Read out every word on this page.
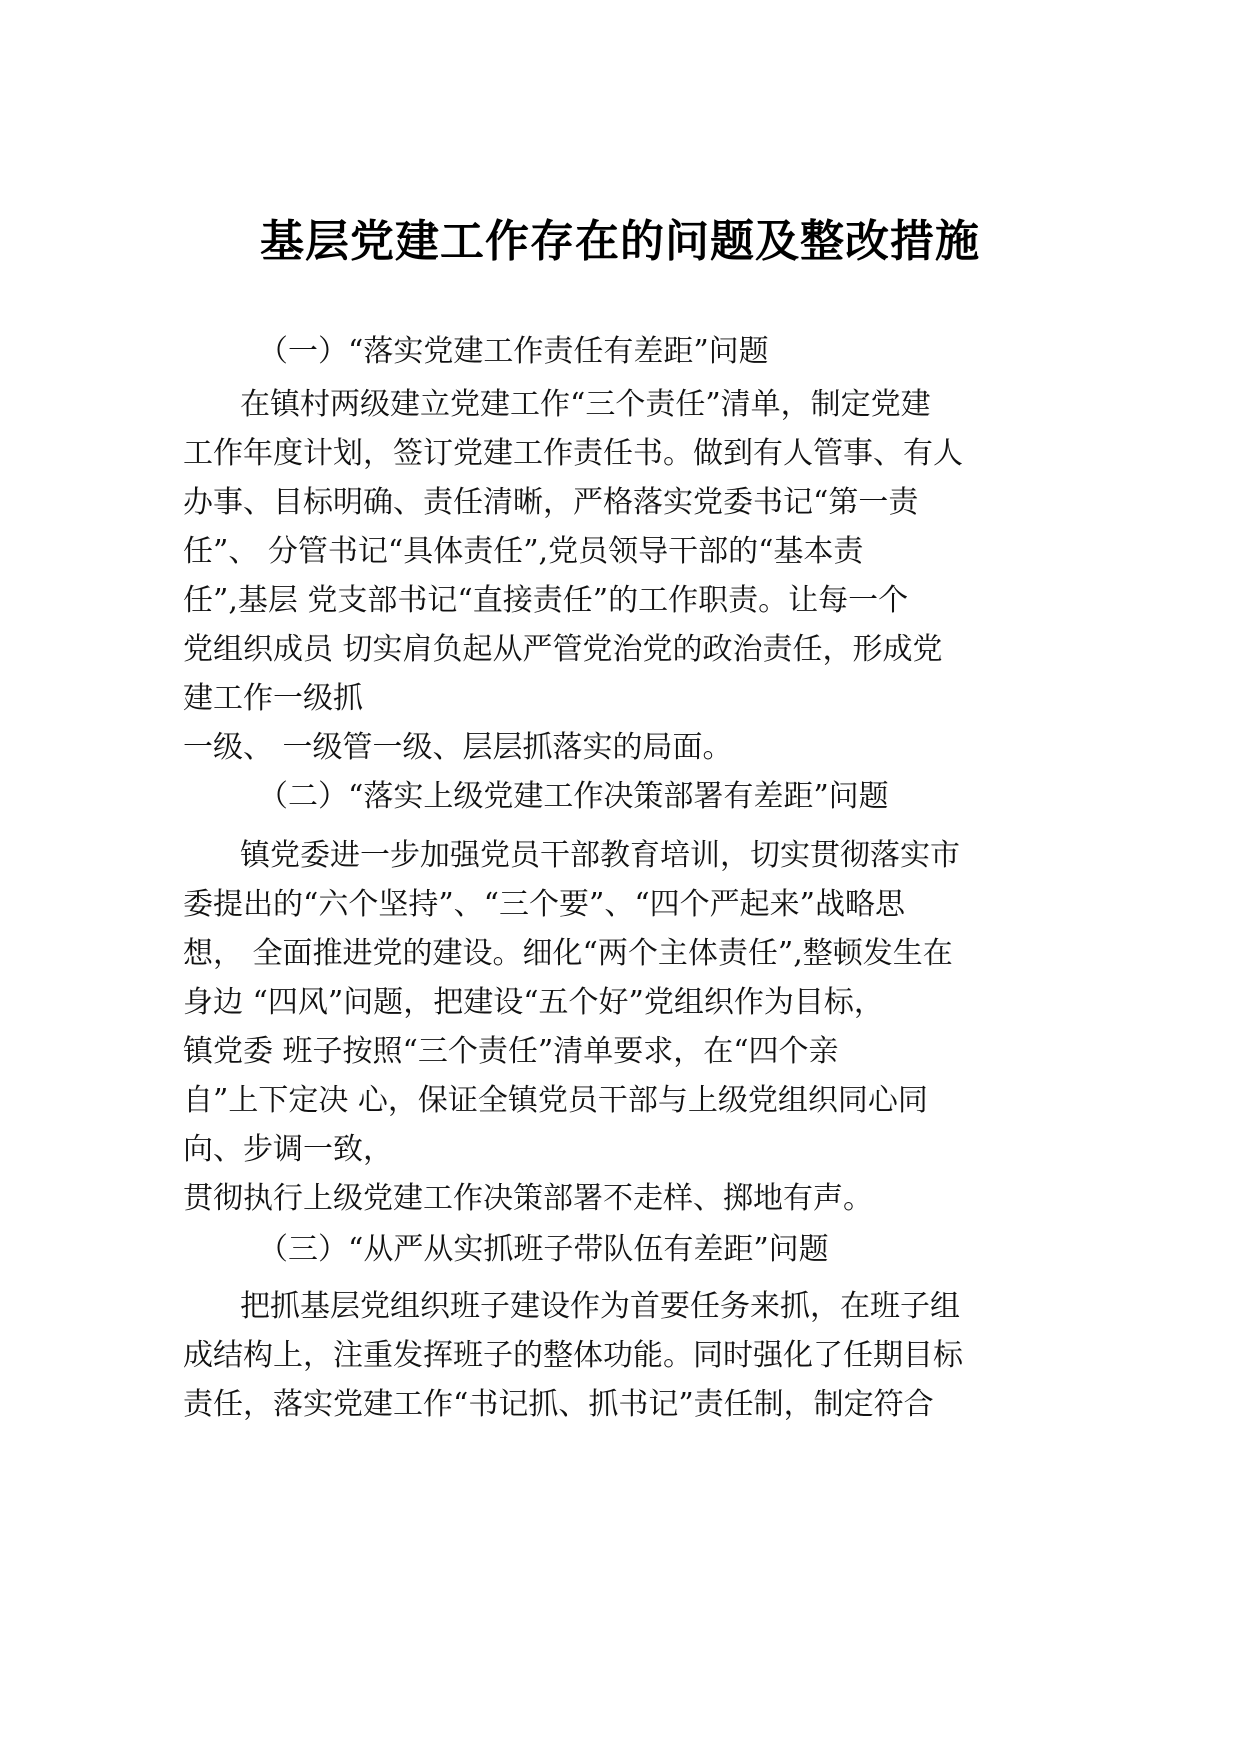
基层党建工作存在的问题及整改措施
（一）“落实党建工作责任有差距”问题
在镇村两级建立党建工作“三个责任”清单，制定党建
工作年度计划，签订党建工作责任书。做到有人管事、有人
办事、目标明确、责任清晰，严格落实党委书记“第一责
任”、 分管书记“具体责任”,党员领导干部的“基本责
任”,基层 党支部书记“直接责任”的工作职责。让每一个
党组织成员 切实肩负起从严管党治党的政治责任，形成党
建工作一级抓
一级、 一级管一级、层层抓落实的局面。
（二）“落实上级党建工作决策部署有差距”问题
镇党委进一步加强党员干部教育培训，切实贯彻落实市
委提出的“六个坚持”、“三个要”、“四个严起来”战略思
想， 全面推进党的建设。细化“两个主体责任”,整顿发生在
身边 “四风”问题，把建设“五个好”党组织作为目标，
镇党委 班子按照“三个责任”清单要求，在“四个亲
自”上下定决 心，保证全镇党员干部与上级党组织同心同
向、步调一致，
贯彻执行上级党建工作决策部署不走样、掷地有声。
（三）“从严从实抓班子带队伍有差距”问题
把抓基层党组织班子建设作为首要任务来抓，在班子组
成结构上，注重发挥班子的整体功能。同时强化了任期目标
责任，落实党建工作“书记抓、抓书记”责任制，制定符合
